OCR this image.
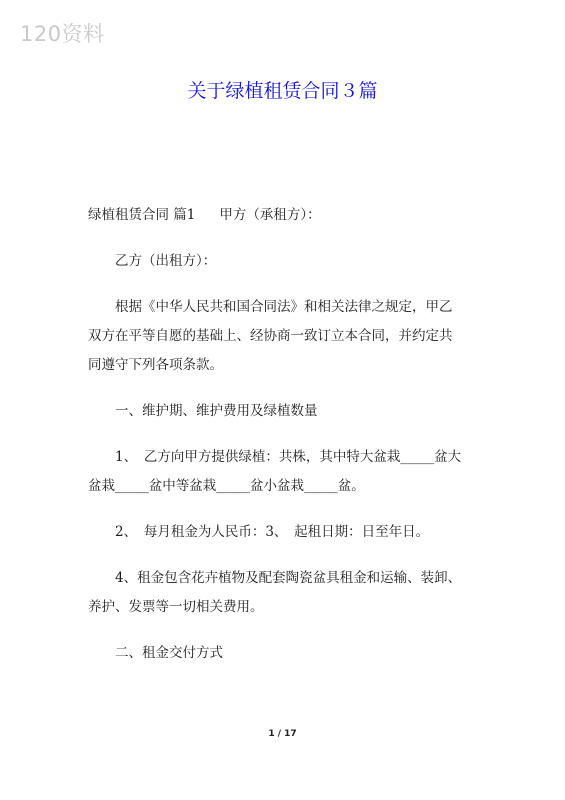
120资料
关于绿植租赁合同３篇
绿植租赁合同 篇1 甲方（承租方）：
乙方（出租方）：
根据《中华人民共和国合同法》和相关法律之规定，甲乙
双方在平等自愿的基础上、经协商一致订立本合同，并约定共
同遵守下列各项条款。
一、维护期、维护费用及绿植数量
1、　乙方向甲方提供绿植：共株，其中特大盆栽_____盆大
盆栽_____盆中等盆栽_____盆小盆栽_____盆。
2、　每月租金为人民币：3、　起租日期：日至年日。
4、租金包含花卉植物及配套陶瓷盆具租金和运输、装卸、
养护、发票等一切相关费用。
二、租金交付方式
1 / 17
